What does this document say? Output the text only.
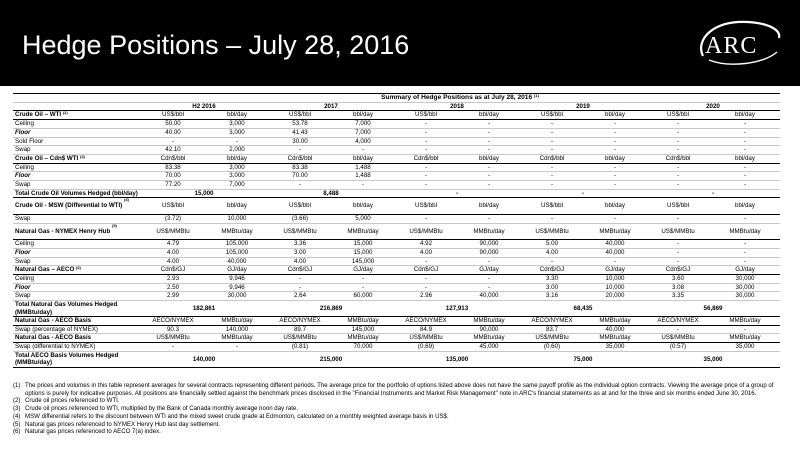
Hedge Positions – July 28, 2016	ARC
	Summary of Hedge Positions as at July 28, 2016 $^{(1)}$
	H2 2016		2017		2018		2019		2020	
Crude Oil – WTI $^{(2)}$	US$/bbl	bbl/day	US$/bbl	bbl/day	US$/bbl	bbl/day	US$/bbl	bbl/day	US$/bbl	bbl/day
Ceiling	50.00	3,000	53.78	7,000	-	-	-	-	-	-
Floor	40.00	3,000	41.43	7,000	-	-	-	-	-	-
Sold Floor	-	-	30.00	4,000	-	-	-	-	-	-
Swap	42.10	2,000	-	-	-	-	-	-	-	-
Crude Oil – Cdn$ WTI $^{(3)}$	Cdn$/bbl	bbl/day	Cdn$/bbl	bbl/day	Cdn$/bbl	bbl/day	Cdn$/bbl	bbl/day	Cdn$/bbl	bbl/day
Ceiling	83.38	3,000	83.38	1,488	-	-	-	-	-	-
Floor	70.00	3,000	70.00	1,488	-	-	-	-	-	-
Swap	77.20	7,000	-	-	-	-	-	-	-	-
Total Crude Oil Volumes Hedged (bbl/day)	15,000		8,488		-		-		-	
Crude Oil - MSW (Differential to WTI) $^{(4)}$	US$/bbl	bbl/day	US$/bbl	bbl/day	US$/bbl	bbl/day	US$/bbl	bbl/day	US$/bbl	bbl/day
Swap	(3.72)	10,000	(3.66)	5,000	-	-	-	-	-	-
Natural Gas - NYMEX Henry Hub $^{(5)}$	US$/MMBtu	MMBtu/day	US$/MMBtu	MMBtu/day	US$/MMBtu	MMBtu/day	US$/MMBtu	MMBtu/day	US$/MMBtu	MMBtu/day
Ceiling	4.79	105,000	3.36	15,000	4.92	90,000	5.00	40,000	-	-
Floor	4.00	105,000	3.00	15,000	4.00	90,000	4.00	40,000	-	-
Swap	4.00	40,000	4.00	145,000	-	-	-	-	-	-
Natural Gas – AECO $^{(6)}$	Cdn$/GJ	GJ/day	Cdn$/GJ	GJ/day	Cdn$/GJ	GJ/day	Cdn$/GJ	GJ/day	Cdn$/GJ	GJ/day
Ceiling	2.93	9,946	-	-	-	-	3.30	10,000	3.60	30,000
Floor	2.50	9,946	-	-	-	-	3.00	10,000	3.08	30,000
Swap	2.99	30,000	2.64	60,000	2.96	40,000	3.16	20,000	3.35	30,000
Total Natural Gas Volumes Hedged (MMBtu/day)	182,861		216,869		127,913		68,435		56,869	
Natural Gas - AECO Basis	AECO/NYMEX	MMBtu/day	AECO/NYMEX	MMBtu/day	AECO/NYMEX	MMBtu/day	AECO/NYMEX	MMBtu/day	AECO/NYMEX	MMBtu/day
Swap (percentage of NYMEX)	90.3	140,000	89.7	145,000	84.9	90,000	83.7	40,000	-	-
Natural Gas - AECO Basis	US$/MMBtu	MMBtu/day	US$/MMBtu	MMBtu/day	US$/MMBtu	MMBtu/day	US$/MMBtu	MMBtu/day	US$/MMBtu	MMBtu/day
Swap (differential to NYMEX)	-	-	(0.81)	70,000	(0.69)	45,000	(0.60)	35,000	(0.57)	35,000
Total AECO Basis Volumes Hedged (MMBtu/day)	140,000		215,000		135,000		75,000		35,000	
(1) The prices and volumes in this table represent averages for several contracts representing different periods. The average price for the portfolio of options listed above does not have the same payoff profile as the individual option contracts. Viewing the average price of a group of options is purely for indicative purposes. All positions are financially settled against the benchmark prices disclosed in the "Financial Instruments and Market Risk Management" note in ARC's financial statements as at and for the three and six months ended June 30, 2016.
(2) Crude oil prices referenced to WTI.
(3) Crude oil prices referenced to WTI, multiplied by the Bank of Canada monthly average noon day rate.
(4) MSW differential refers to the discount between WTI and the mixed sweet crude grade at Edmonton, calculated on a monthly weighted average basis in US$.
(5) Natural gas prices referenced to NYMEX Henry Hub last day settlement.
(6) Natural gas prices referenced to AECO 7(a) index.
